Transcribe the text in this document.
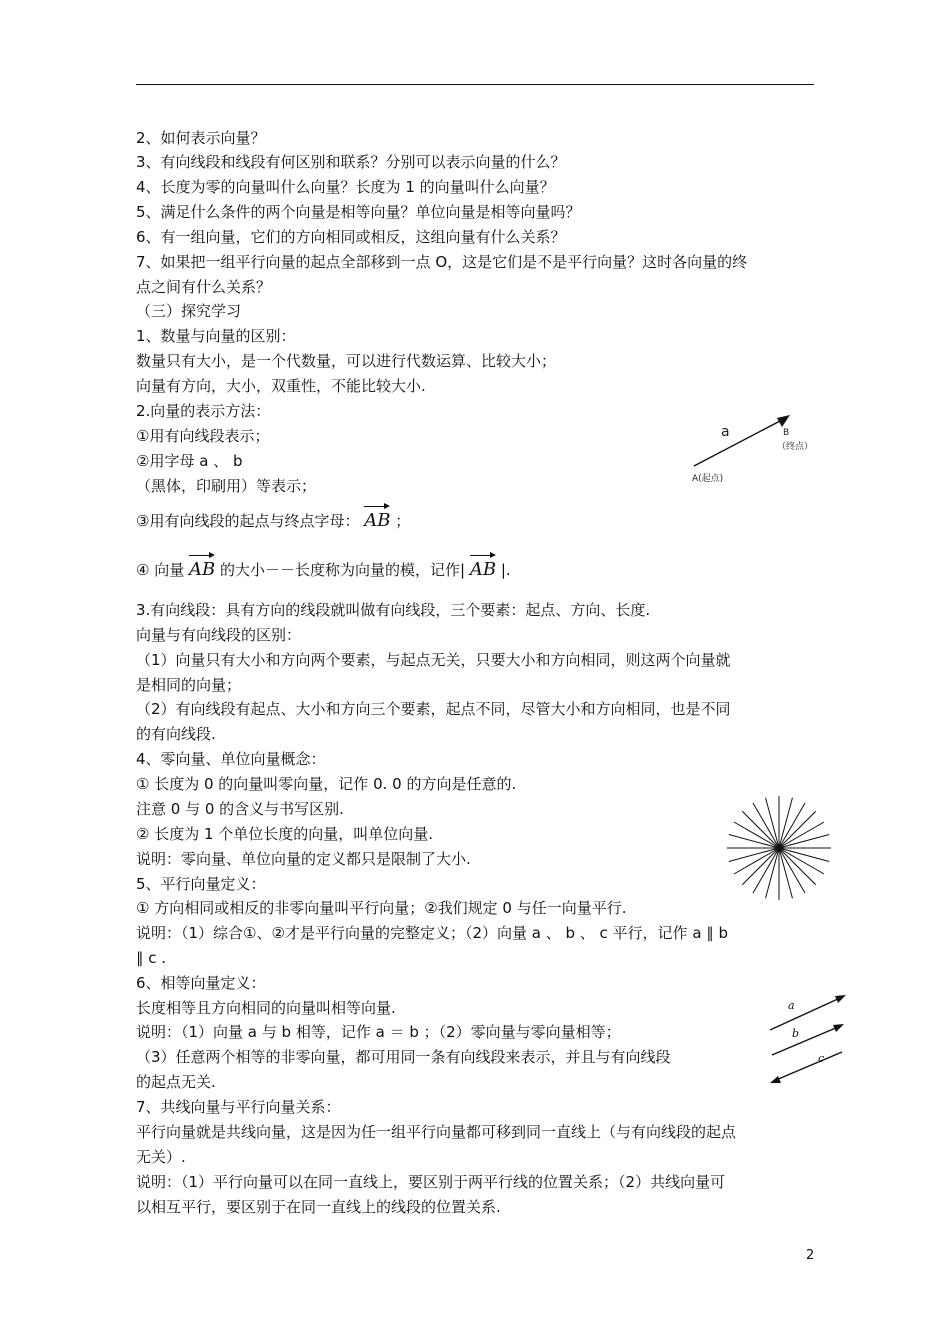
2、如何表示向量？
3、有向线段和线段有何区别和联系？分别可以表示向量的什么？
4、长度为零的向量叫什么向量？长度为 1 的向量叫什么向量？
5、满足什么条件的两个向量是相等向量？单位向量是相等向量吗？
6、有一组向量，它们的方向相同或相反，这组向量有什么关系？
7、如果把一组平行向量的起点全部移到一点 O，这是它们是不是平行向量？这时各向量的终
点之间有什么关系？
（三）探究学习
1、数量与向量的区别：
数量只有大小，是一个代数量，可以进行代数运算、比较大小；
向量有方向，大小，双重性，不能比较大小.
2.向量的表示方法：
①用有向线段表示；
②用字母 a 、 b
（黑体，印刷用）等表示；
③用有向线段的起点与终点字母： AB ；
④ 向量 AB 的大小－－长度称为向量的模，记作| AB |.
3.有向线段：具有方向的线段就叫做有向线段，三个要素：起点、方向、长度.
向量与有向线段的区别：
（1）向量只有大小和方向两个要素，与起点无关，只要大小和方向相同，则这两个向量就
是相同的向量；
（2）有向线段有起点、大小和方向三个要素，起点不同，尽管大小和方向相同，也是不同
的有向线段.
4、零向量、单位向量概念：
① 长度为 0 的向量叫零向量，记作 0. 0 的方向是任意的.
注意 0 与 0 的含义与书写区别.
② 长度为 1 个单位长度的向量，叫单位向量.
说明：零向量、单位向量的定义都只是限制了大小.
5、平行向量定义：
① 方向相同或相反的非零向量叫平行向量；②我们规定 0 与任一向量平行.
说明：（1）综合①、②才是平行向量的完整定义；（2）向量 a 、 b 、 c 平行，记作 a ∥ b
∥ c .
6、相等向量定义：
长度相等且方向相同的向量叫相等向量.
说明：（1）向量 a 与 b 相等，记作 a ＝ b ；（2）零向量与零向量相等；
（3）任意两个相等的非零向量，都可用同一条有向线段来表示，并且与有向线段
的起点无关.
7、共线向量与平行向量关系：
平行向量就是共线向量，这是因为任一组平行向量都可移到同一直线上（与有向线段的起点
无关）.
说明：（1）平行向量可以在同一直线上，要区别于两平行线的位置关系；（2）共线向量可
以相互平行，要区别于在同一直线上的线段的位置关系.
a	B
（终点）
A(起点)
a
b
c
2
